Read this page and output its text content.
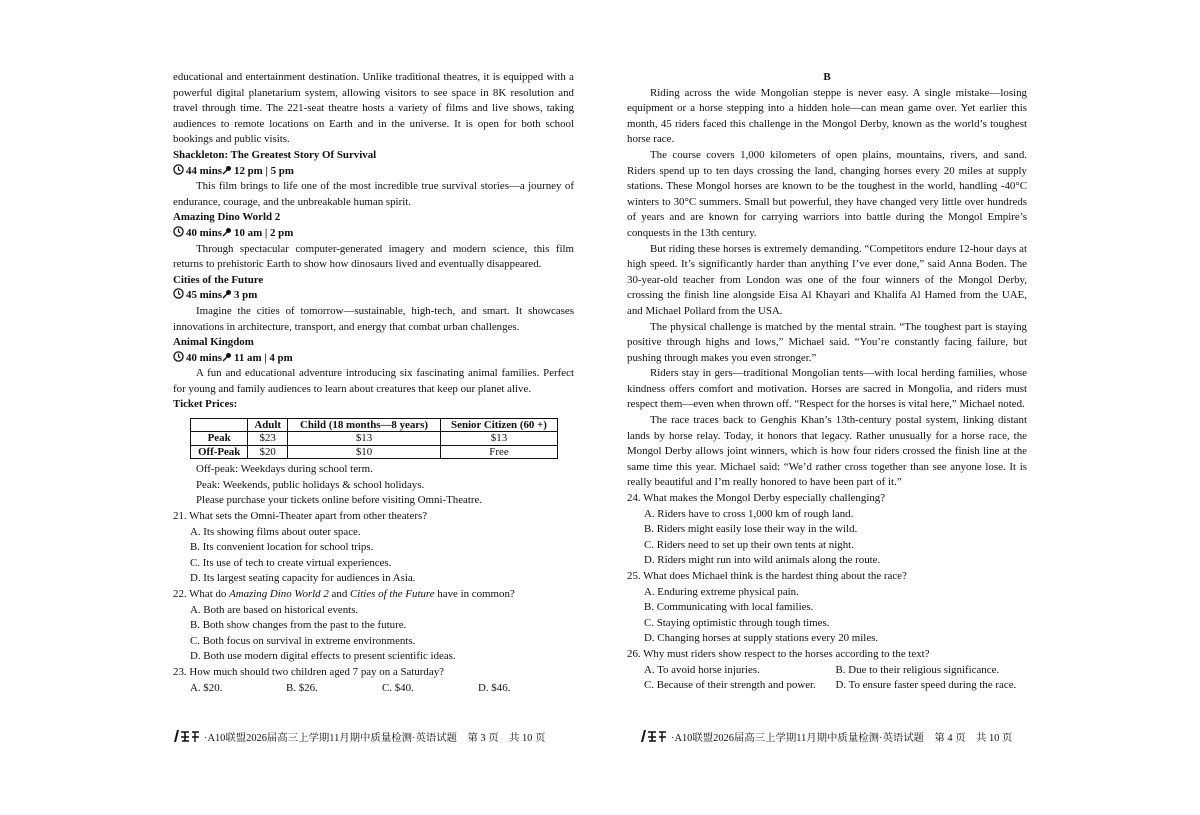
educational and entertainment destination. Unlike traditional theatres, it is equipped with a powerful digital planetarium system, allowing visitors to see space in 8K resolution and travel through time. The 221-seat theatre hosts a variety of films and live shows, taking audiences to remote locations on Earth and in the universe. It is open for both school bookings and public visits.

Shackleton: The Greatest Story Of Survival

44 mins 12 pm | 5 pm

This film brings to life one of the most incredible true survival stories—a journey of endurance, courage, and the unbreakable human spirit.

Amazing Dino World 2

40 mins 10 am | 2 pm

Through spectacular computer-generated imagery and modern science, this film returns to prehistoric Earth to show how dinosaurs lived and eventually disappeared.

Cities of the Future

45 mins 3 pm

Imagine the cities of tomorrow—sustainable, high-tech, and smart. It showcases innovations in architecture, transport, and energy that combat urban challenges.

Animal Kingdom

40 mins 11 am | 4 pm

A fun and educational adventure introducing six fascinating animal families. Perfect for young and family audiences to learn about creatures that keep our planet alive.

Ticket Prices:

	Adult	Child (18 months—8 years)	Senior Citizen (60 +)
Peak	$23	$13	$13
Off-Peak	$20	$10	Free

Off-peak: Weekdays during school term.

Peak: Weekends, public holidays & school holidays.

Please purchase your tickets online before visiting Omni-Theatre.

21. What sets the Omni-Theater apart from other theaters?

A. Its showing films about outer space.

B. Its convenient location for school trips.

C. Its use of tech to create virtual experiences.

D. Its largest seating capacity for audiences in Asia.

22. What do Amazing Dino World 2 and Cities of the Future have in common?

A. Both are based on historical events.

B. Both show changes from the past to the future.

C. Both focus on survival in extreme environments.

D. Both use modern digital effects to present scientific ideas.

23. How much should two children aged 7 pay on a Saturday?

A. $20.	B. $26.	C. $40.	D. $46.

B

Riding across the wide Mongolian steppe is never easy. A single mistake—losing equipment or a horse stepping into a hidden hole—can mean game over. Yet earlier this month, 45 riders faced this challenge in the Mongol Derby, known as the world’s toughest horse race.

The course covers 1,000 kilometers of open plains, mountains, rivers, and sand. Riders spend up to ten days crossing the land, changing horses every 20 miles at supply stations. These Mongol horses are known to be the toughest in the world, handling -40°C winters to 30°C summers. Small but powerful, they have changed very little over hundreds of years and are known for carrying warriors into battle during the Mongol Empire’s conquests in the 13th century.

But riding these horses is extremely demanding. “Competitors endure 12-hour days at high speed. It’s significantly harder than anything I’ve ever done,” said Anna Boden. The 30-year-old teacher from London was one of the four winners of the Mongol Derby, crossing the finish line alongside Eisa Al Khayari and Khalifa Al Hamed from the UAE, and Michael Pollard from the USA.

The physical challenge is matched by the mental strain. “The toughest part is staying positive through highs and lows,” Michael said. “You’re constantly facing failure, but pushing through makes you even stronger.”

Riders stay in gers—traditional Mongolian tents—with local herding families, whose kindness offers comfort and motivation. Horses are sacred in Mongolia, and riders must respect them—even when thrown off. “Respect for the horses is vital here,” Michael noted.

The race traces back to Genghis Khan’s 13th-century postal system, linking distant lands by horse relay. Today, it honors that legacy. Rather unusually for a horse race, the Mongol Derby allows joint winners, which is how four riders crossed the finish line at the same time this year. Michael said: “We’d rather cross together than see anyone lose. It is really beautiful and I’m really honored to have been part of it.”

24. What makes the Mongol Derby especially challenging?

A. Riders have to cross 1,000 km of rough land.

B. Riders might easily lose their way in the wild.

C. Riders need to set up their own tents at night.

D. Riders might run into wild animals along the route.

25. What does Michael think is the hardest thing about the race?

A. Enduring extreme physical pain.

B. Communicating with local families.

C. Staying optimistic through tough times.

D. Changing horses at supply stations every 20 miles.

26. Why must riders show respect to the horses according to the text?

A. To avoid horse injuries.	B. Due to their religious significance.
C. Because of their strength and power.	D. To ensure faster speed during the race.
·A10联盟2026届高三上学期11月期中质量检测·英语试题　第 3 页　共 10 页	·A10联盟2026届高三上学期11月期中质量检测·英语试题　第 4 页　共 10 页
